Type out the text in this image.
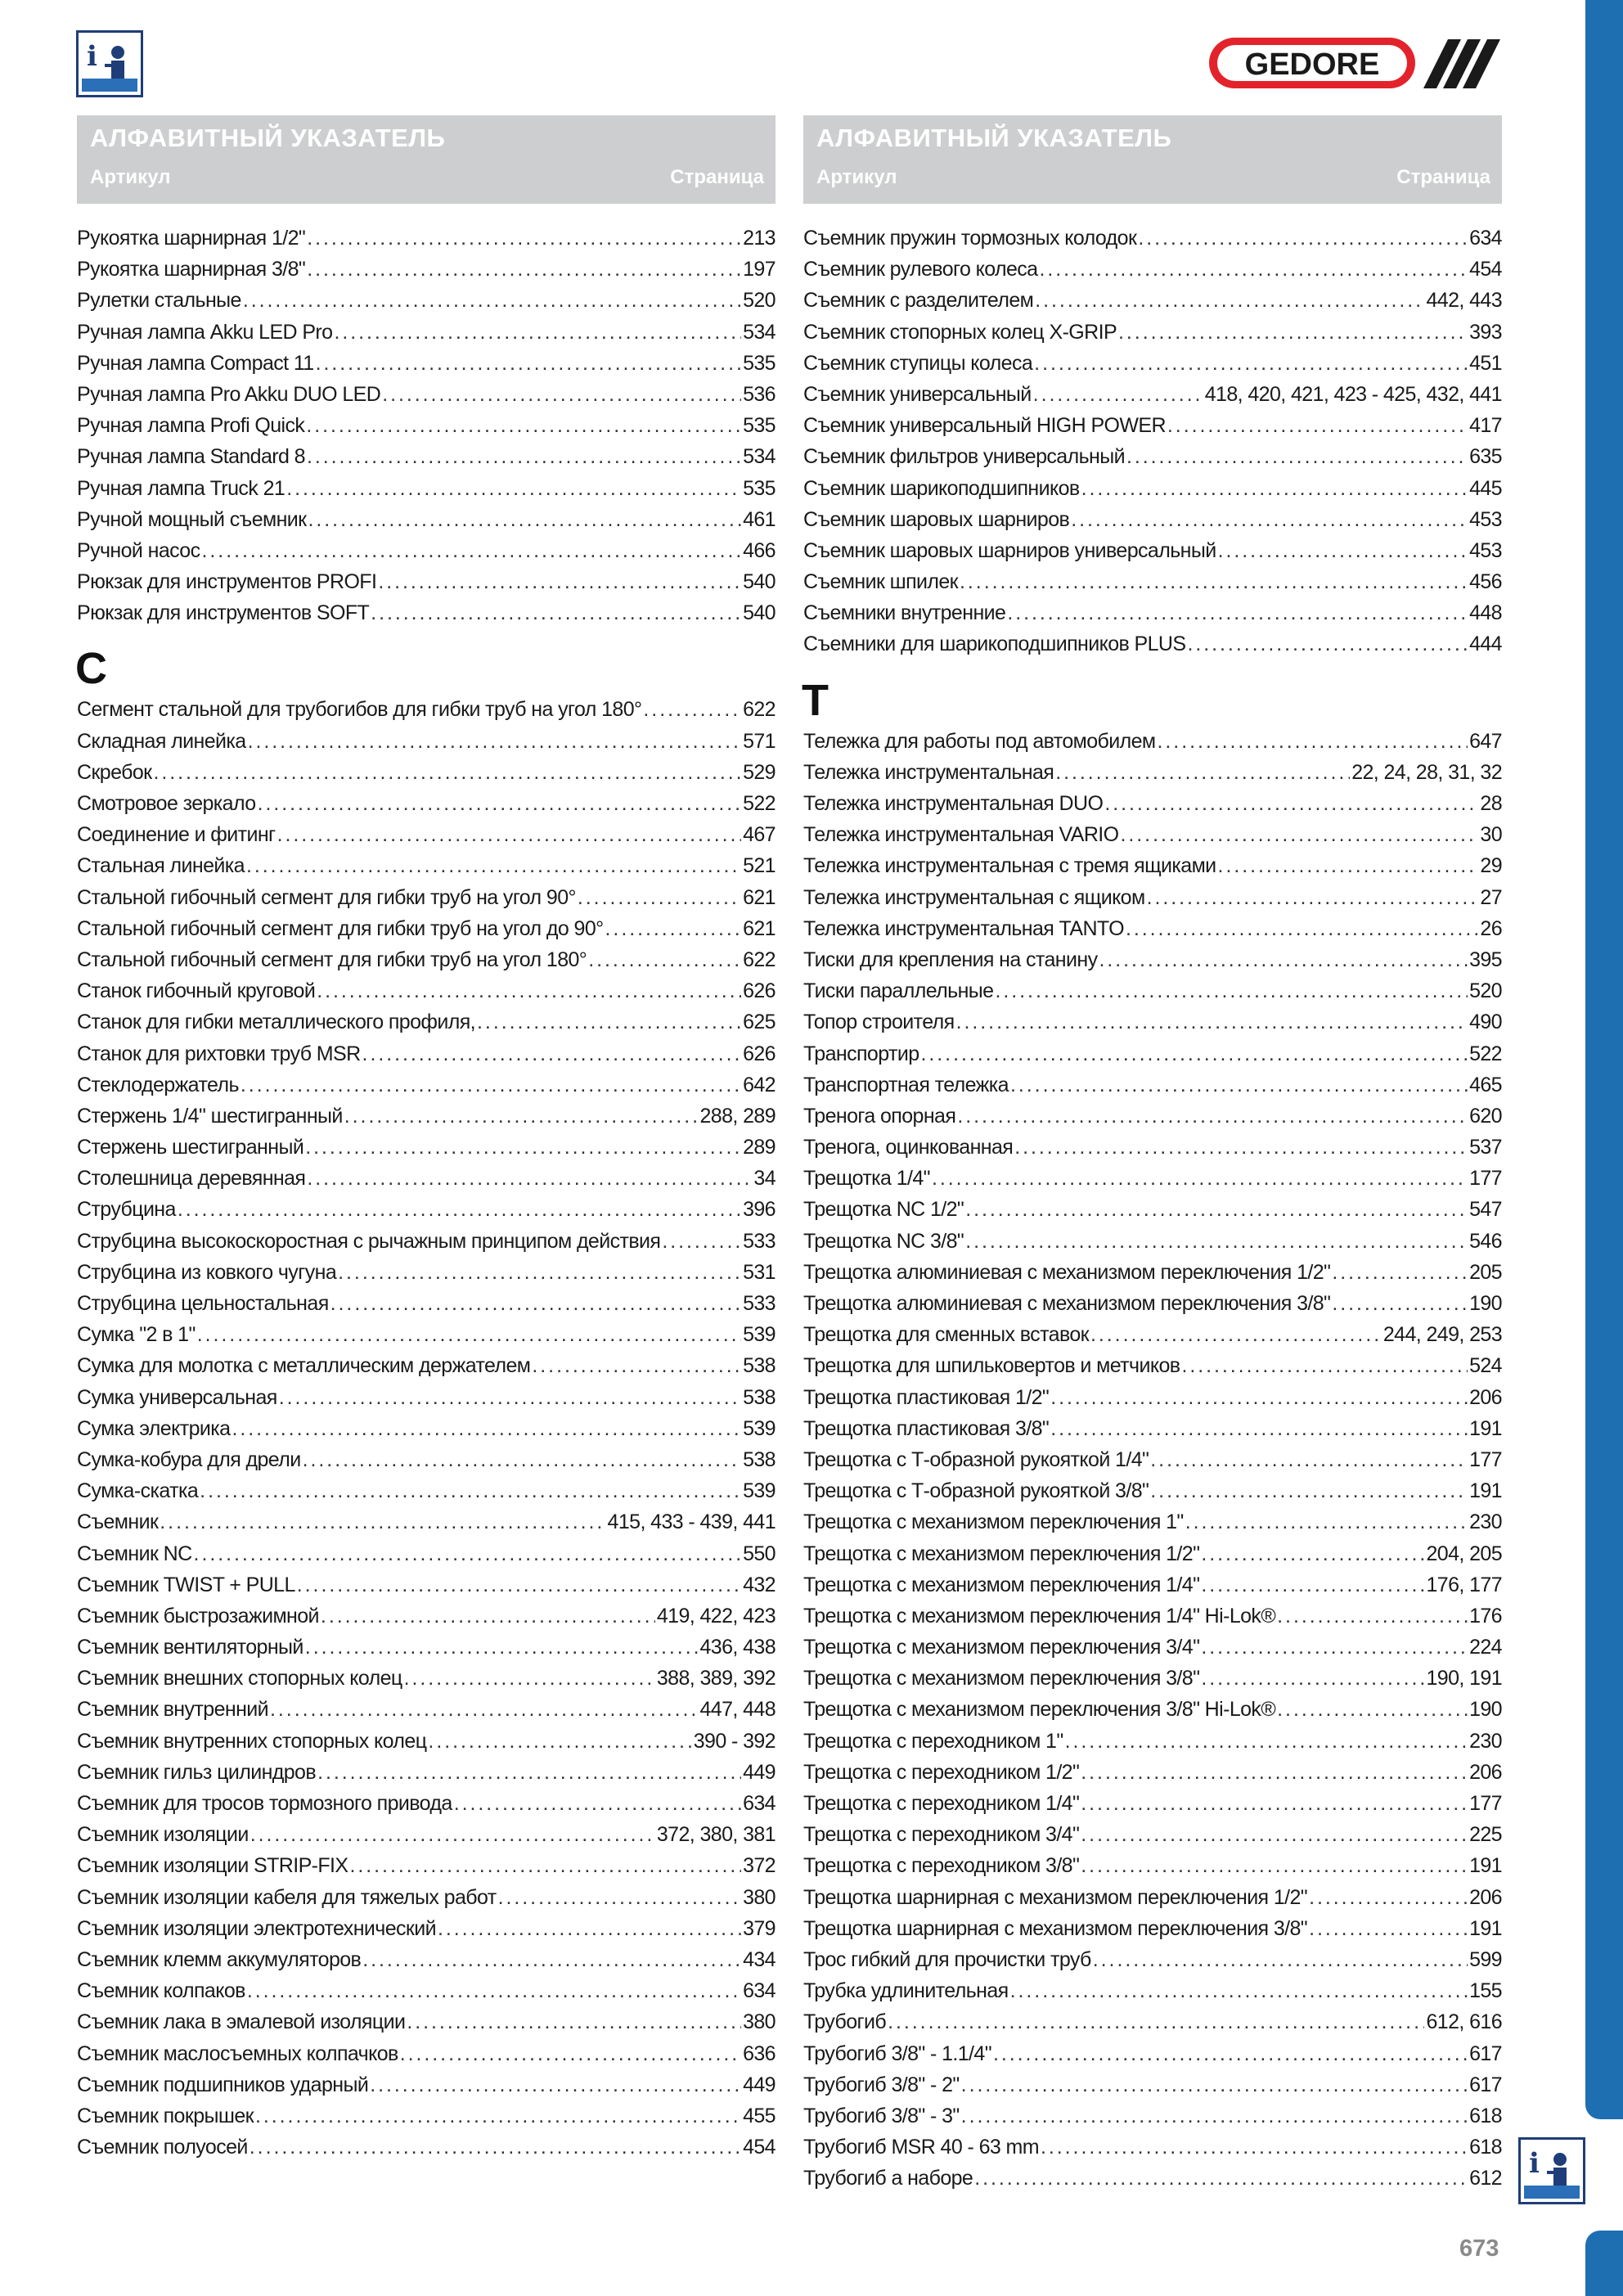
i	GEDORE
АЛФАВИТНЫЙ УКАЗАТЕЛЬ
Артикул	Страница
Рукоятка шарнирная 1/2" . . .	213
Рукоятка шарнирная 3/8" . . .	197
Рулетки стальные . . .	520
Ручная лампа Akku LED Pro . . .	534
Ручная лампа Compact 11 . . .	535
Ручная лампа Pro Akku DUO LED . . .	536
Ручная лампа Profi Quick . . .	535
Ручная лампа Standard 8 . . .	534
Ручная лампа Truck 21 . . .	535
Ручной мощный съемник . . .	461
Ручной насос . . .	466
Рюкзак для инструментов PROFI . . .	540
Рюкзак для инструментов SOFT . . .	540
C
Сегмент стальной для трубогибов для гибки труб на угол 180° . . .	622
Складная линейка . . .	571
Скребок . . .	529
Смотровое зеркало . . .	522
Соединение и фитинг . . .	467
Стальная линейка . . .	521
Стальной гибочный сегмент для гибки труб на угол 90° . . .	621
Стальной гибочный сегмент для гибки труб на угол до 90° . . .	621
Стальной гибочный сегмент для гибки труб на угол 180° . . .	622
Станок гибочный круговой . . .	626
Станок для гибки металлического профиля, . . .	625
Станок для рихтовки труб MSR . . .	626
Стеклодержатель . . .	642
Стержень 1/4" шестигранный . . .	288, 289
Стержень шестигранный . . .	289
Столешница деревянная . . .	34
Струбцина . . .	396
Струбцина высокоскоростная с рычажным принципом действия . . .	533
Струбцина из ковкого чугуна . . .	531
Струбцина цельностальная . . .	533
Сумка "2 в 1" . . .	539
Сумка для молотка с металлическим держателем . . .	538
Сумка универсальная . . .	538
Сумка электрика . . .	539
Сумка-кобура для дрели . . .	538
Сумка-скатка . . .	539
Съемник . . .	415, 433 - 439, 441
Съемник NC . . .	550
Съемник TWIST + PULL . . .	432
Съемник быстрозажимной . . .	419, 422, 423
Съемник вентиляторный . . .	436, 438
Съемник внешних стопорных колец . . .	388, 389, 392
Съемник внутренний . . .	447, 448
Съемник внутренних стопорных колец . . .	390 - 392
Съемник гильз цилиндров . . .	449
Съемник для тросов тормозного привода . . .	634
Съемник изоляции . . .	372, 380, 381
Съемник изоляции STRIP-FIX . . .	372
Съемник изоляции кабеля для тяжелых работ . . .	380
Съемник изоляции электротехнический . . .	379
Съемник клемм аккумуляторов . . .	434
Съемник колпаков . . .	634
Съемник лака в эмалевой изоляции . . .	380
Съемник маслосъемных колпачков . . .	636
Съемник подшипников ударный . . .	449
Съемник покрышек . . .	455
Съемник полуосей . . .	454
АЛФАВИТНЫЙ УКАЗАТЕЛЬ
Артикул	Страница
Съемник пружин тормозных колодок . . .	634
Съемник рулевого колеса . . .	454
Съемник с разделителем . . .	442, 443
Съемник стопорных колец X-GRIP . . .	393
Съемник ступицы колеса . . .	451
Съемник универсальный . . .	418, 420, 421, 423 - 425, 432, 441
Съемник универсальный HIGH POWER . . .	417
Съемник фильтров универсальный . . .	635
Съемник шарикоподшипников . . .	445
Съемник шаровых шарниров . . .	453
Съемник шаровых шарниров универсальный . . .	453
Съемник шпилек . . .	456
Съемники внутренние . . .	448
Съемники для шарикоподшипников PLUS . . .	444
T
Тележка для работы под автомобилем . . .	647
Тележка инструментальная . . .	22, 24, 28, 31, 32
Тележка инструментальная DUO . . .	28
Тележка инструментальная VARIO . . .	30
Тележка инструментальная с тремя ящиками . . .	29
Тележка инструментальная с ящиком . . .	27
Тележка инструментальная TANTO . . .	26
Тиски для крепления на станину . . .	395
Тиски параллельные . . .	520
Топор строителя . . .	490
Транспортир . . .	522
Транспортная тележка . . .	465
Тренога опорная . . .	620
Тренога, оцинкованная . . .	537
Трещотка 1/4" . . .	177
Трещотка NC 1/2" . . .	547
Трещотка NC 3/8" . . .	546
Трещотка алюминиевая с механизмом переключения 1/2" . . .	205
Трещотка алюминиевая с механизмом переключения 3/8" . . .	190
Трещотка для сменных вставок . . .	244, 249, 253
Трещотка для шпильковертов и метчиков . . .	524
Трещотка пластиковая 1/2" . . .	206
Трещотка пластиковая 3/8" . . .	191
Трещотка с Т-образной рукояткой 1/4" . . .	177
Трещотка с Т-образной рукояткой 3/8" . . .	191
Трещотка с механизмом переключения 1" . . .	230
Трещотка с механизмом переключения 1/2" . . .	204, 205
Трещотка с механизмом переключения 1/4" . . .	176, 177
Трещотка с механизмом переключения 1/4" Hi-Lok® . . .	176
Трещотка с механизмом переключения 3/4" . . .	224
Трещотка с механизмом переключения 3/8" . . .	190, 191
Трещотка с механизмом переключения 3/8" Hi-Lok® . . .	190
Трещотка с переходником 1" . . .	230
Трещотка с переходником 1/2" . . .	206
Трещотка с переходником 1/4" . . .	177
Трещотка с переходником 3/4" . . .	225
Трещотка с переходником 3/8" . . .	191
Трещотка шарнирная с механизмом переключения 1/2" . . .	206
Трещотка шарнирная с механизмом переключения 3/8" . . .	191
Трос гибкий для прочистки труб . . .	599
Трубка удлинительная . . .	155
Трубогиб . . .	612, 616
Трубогиб 3/8" - 1.1/4" . . .	617
Трубогиб 3/8" - 2" . . .	617
Трубогиб 3/8" - 3" . . .	618
Трубогиб MSR 40 - 63 mm . . .	618
Трубогиб а наборе . . .	612 i
673
